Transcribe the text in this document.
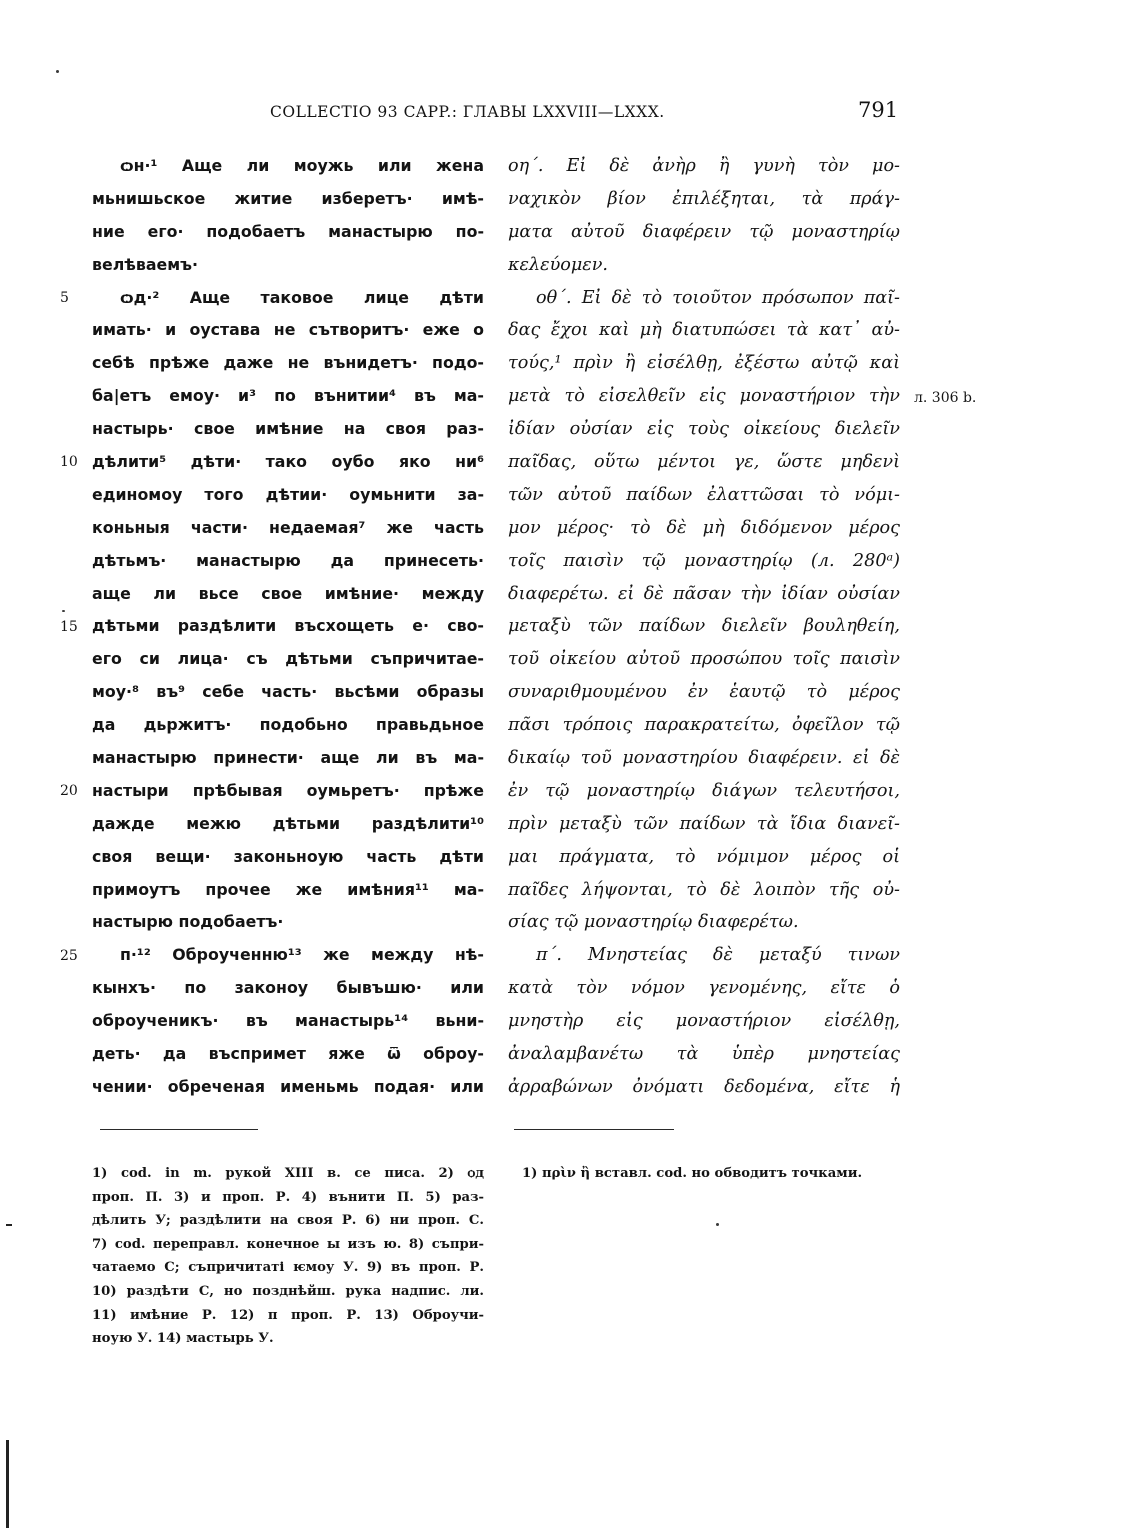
COLLECTIO 93 CAPP.: ГЛАВЫ LXXVIII—LXXX.	791
5
10
15
20
25
ѻн·¹ Аще ли моужь или жена
мьнишьское житие изберетъ· имѣ-
ние его· подобаетъ манастырю по-
велѣваемъ·
ѻд·² Аще таковое лице дѣти
имать· и оустава не сътворитъ· еже о
себѣ прѣже даже не вънидетъ· подо-
ба|етъ емоу· и³ по вънитии⁴ въ ма-
настырь· свое имѣние на своя раз-
дѣлити⁵ дѣти· тако оубо яко ни⁶
единомоу того дѣтии· оумьнити за-
коньныя части· недаемая⁷ же часть
дѣтьмъ· манастырю да принесеть·
аще ли вьсе свое имѣние· между
дѣтьми раздѣлити въсхощеть е· сво-
его си лица· съ дѣтьми съпричитае-
моу·⁸ въ⁹ себе часть· вьсѣми образы
да дьржитъ· подобьно правьдьное
манастырю принести· аще ли въ ма-
настыри прѣбывая оумьретъ· прѣже
дажде межю дѣтьми раздѣлити¹⁰
своя вещи· законьноую часть дѣти
примоутъ прочее же имѣния¹¹ ма-
настырю подобаетъ·
п·¹² Оброученню¹³ же между нѣ-
кынхъ· по законоу бывъшю· или
оброученикъ· въ манастырь¹⁴ вьни-
деть· да въспримет яже ѿ оброу-
чении· обреченая именьмь подая· или
οη΄. Εἰ δὲ ἀνὴρ ἢ γυνὴ τὸν μο-
ναχικὸν βίον ἐπιλέξηται, τὰ πράγ-
ματα αὐτοῦ διαφέρειν τῷ μοναστηρίῳ
κελεύομεν.
οθ΄. Εἰ δὲ τὸ τοιοῦτον πρόσωπον παῖ-
δας ἔχοι καὶ μὴ διατυπώσει τὰ κατ᾽ αὐ-
τούς,¹ πρὶν ἢ εἰσέλθῃ, ἐξέστω αὐτῷ καὶ
μετὰ τὸ εἰσελθεῖν εἰς μοναστήριον τὴν
ἰδίαν οὐσίαν εἰς τοὺς οἰκείους διελεῖν
παῖδας, οὕτω μέντοι γε, ὥστε μηδενὶ
τῶν αὐτοῦ παίδων ἐλαττῶσαι τὸ νόμι-
μον μέρος· τὸ δὲ μὴ διδόμενον μέρος
τοῖς παισὶν τῷ μοναστηρίῳ (л. 280ᵃ)
διαφερέτω. εἰ δὲ πᾶσαν τὴν ἰδίαν οὐσίαν
μεταξὺ τῶν παίδων διελεῖν βουληθείη,
τοῦ οἰκείου αὐτοῦ προσώπου τοῖς παισὶν
συναριθμουμένου ἐν ἑαυτῷ τὸ μέρος
πᾶσι τρόποις παρακρατείτω, ὀφεῖλον τῷ
δικαίῳ τοῦ μοναστηρίου διαφέρειν. εἰ δὲ
ἐν τῷ μοναστηρίῳ διάγων τελευτήσοι,
πρὶν μεταξὺ τῶν παίδων τὰ ἴδια διανεῖ-
μαι πράγματα, τὸ νόμιμον μέρος οἱ
παῖδες λήψονται, τὸ δὲ λοιπὸν τῆς οὐ-
σίας τῷ μοναστηρίῳ διαφερέτω.
π΄. Μνηστείας δὲ μεταξύ τινων
κατὰ τὸν νόμον γενομένης, εἴτε ὁ
μνηστὴρ εἰς μοναστήριον εἰσέλθῃ,
ἀναλαμβανέτω τὰ ὑπὲρ μνηστείας
ἀρραβώνων ὀνόματι δεδομένα, εἴτε ἡ
л. 306 b.
1) cod. in m. рукой XIII в. се писа. 2) ѻд
проп. П. 3) и проп. Р. 4) вънити П. 5) раз-
дѣлить У; раздѣлити на своя Р. 6) ни проп. С.
7) cod. переправл. конечное ы изъ ю. 8) съпри-
чатаемо С; съпричитаті ѥмоу У. 9) въ проп. Р.
10) раздѣти С, но позднѣйш. рука надпис. ли.
11) имѣние Р. 12) п проп. Р. 13) Оброучи-
ноую У. 14) мастырь У.
1) πρὶν ἢ вставл. cod. но обводитъ точками.
